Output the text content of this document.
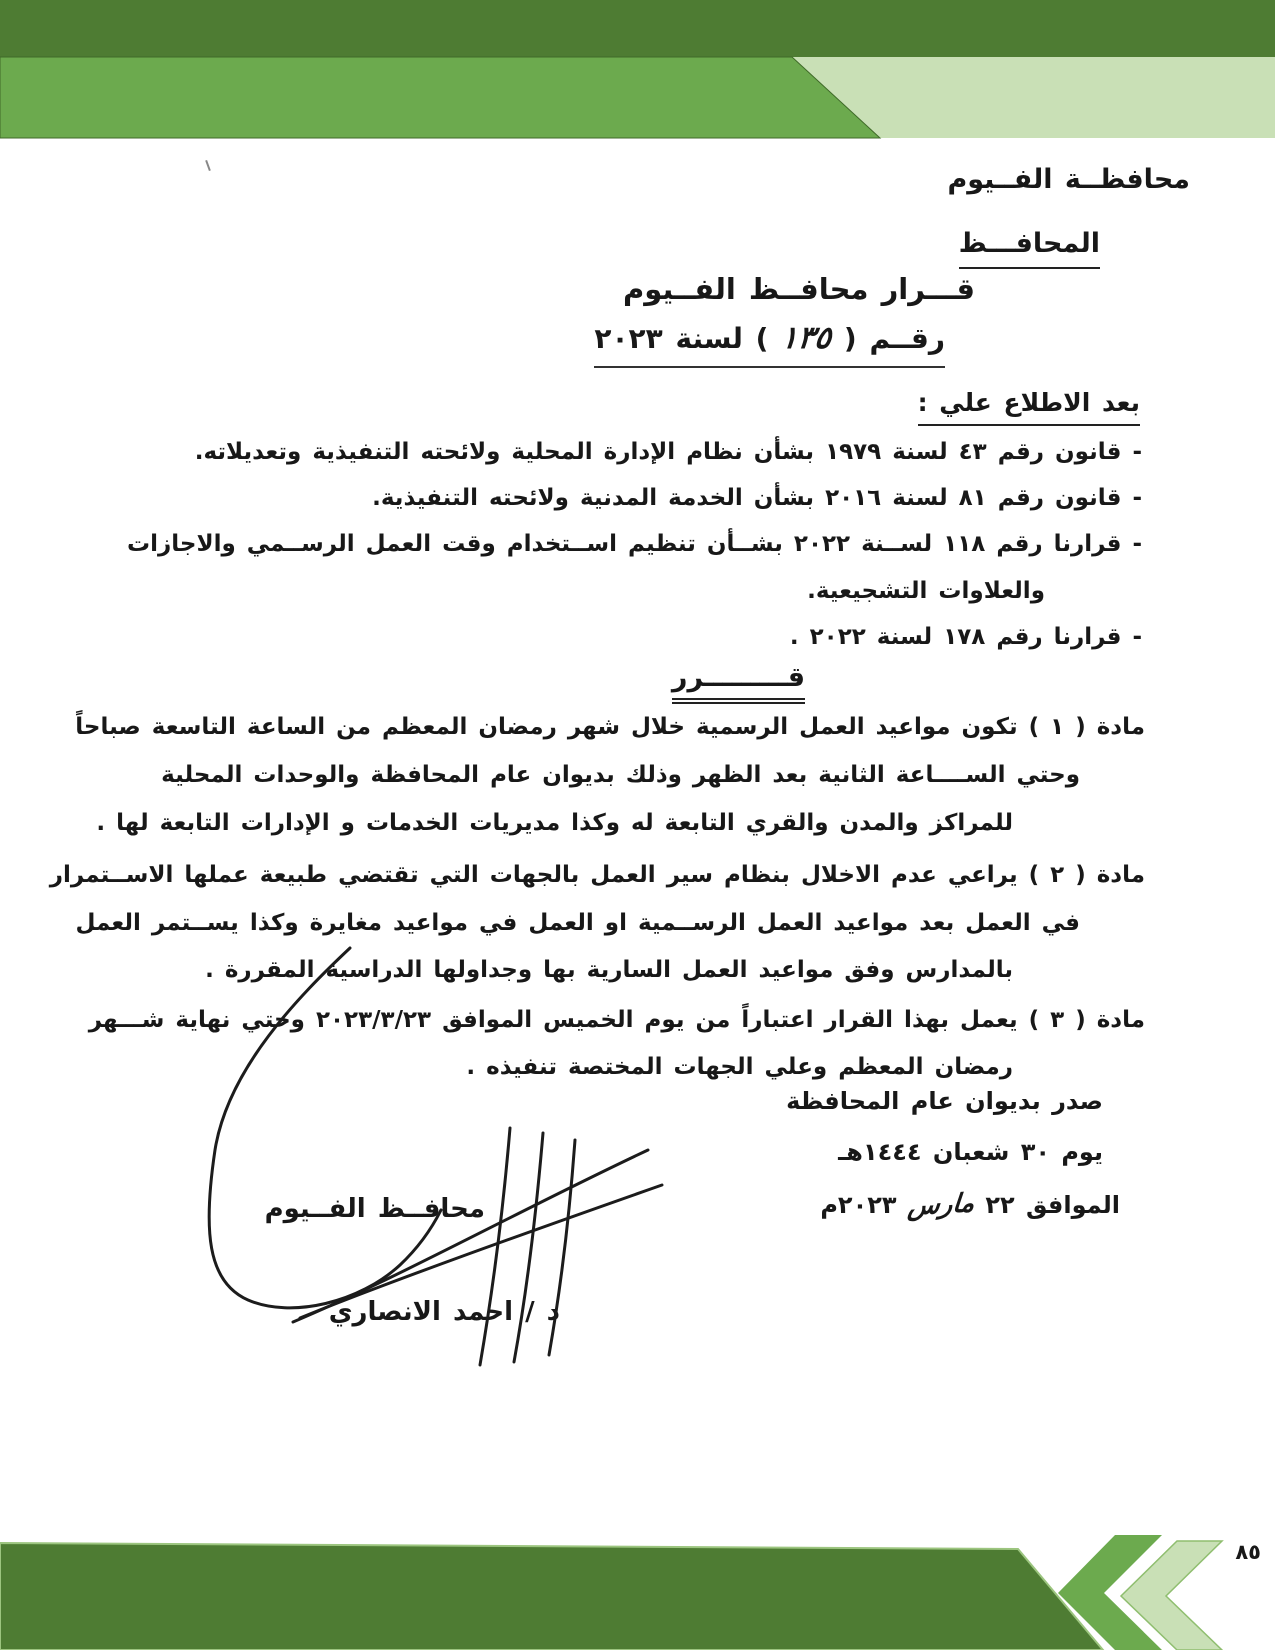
محافظــة الفــيوم
المحافـــظ
قـــرار محافــظ الفــيوم
رقــم ( ١٣٥ ) لسنة ٢٠٢٣
بعد الاطلاع علي :
- قانون رقم ٤٣ لسنة ١٩٧٩ بشأن نظام الإدارة المحلية ولائحته التنفيذية وتعديلاته.
- قانون رقم ٨١ لسنة ٢٠١٦ بشأن الخدمة المدنية ولائحته التنفيذية.
- قرارنا رقم ١١٨ لســنة ٢٠٢٢ بشــأن تنظيم اســتخدام وقت العمل الرســمي والاجازات
والعلاوات التشجيعية.
- قرارنا رقم ١٧٨ لسنة ٢٠٢٢ .
قـــــــــرر
مادة ( ١ ) تكون مواعيد العمل الرسمية خلال شهر رمضان المعظم من الساعة التاسعة صباحاً
وحتي الســــاعة الثانية بعد الظهر وذلك بديوان عام المحافظة والوحدات المحلية
للمراكز والمدن والقري التابعة له وكذا مديريات الخدمات و الإدارات التابعة لها .
مادة ( ٢ ) يراعي عدم الاخلال بنظام سير العمل بالجهات التي تقتضي طبيعة عملها الاســتمرار
في العمل بعد مواعيد العمل الرســمية او العمل في مواعيد مغايرة وكذا يســتمر العمل
بالمدارس وفق مواعيد العمل السارية بها وجداولها الدراسية المقررة .
مادة ( ٣ ) يعمل بهذا القرار اعتباراً من يوم الخميس الموافق ٢٠٢٣/٣/٢٣ وحتي نهاية شـــهر
رمضان المعظم وعلي الجهات المختصة تنفيذه .
صدر بديوان عام المحافظة
يوم ٣٠ شعبان ١٤٤٤هـ
الموافق ٢٢ مارس ٢٠٢٣م
محافــظ الفــيوم
د / احمد الانصاري
٨٥
